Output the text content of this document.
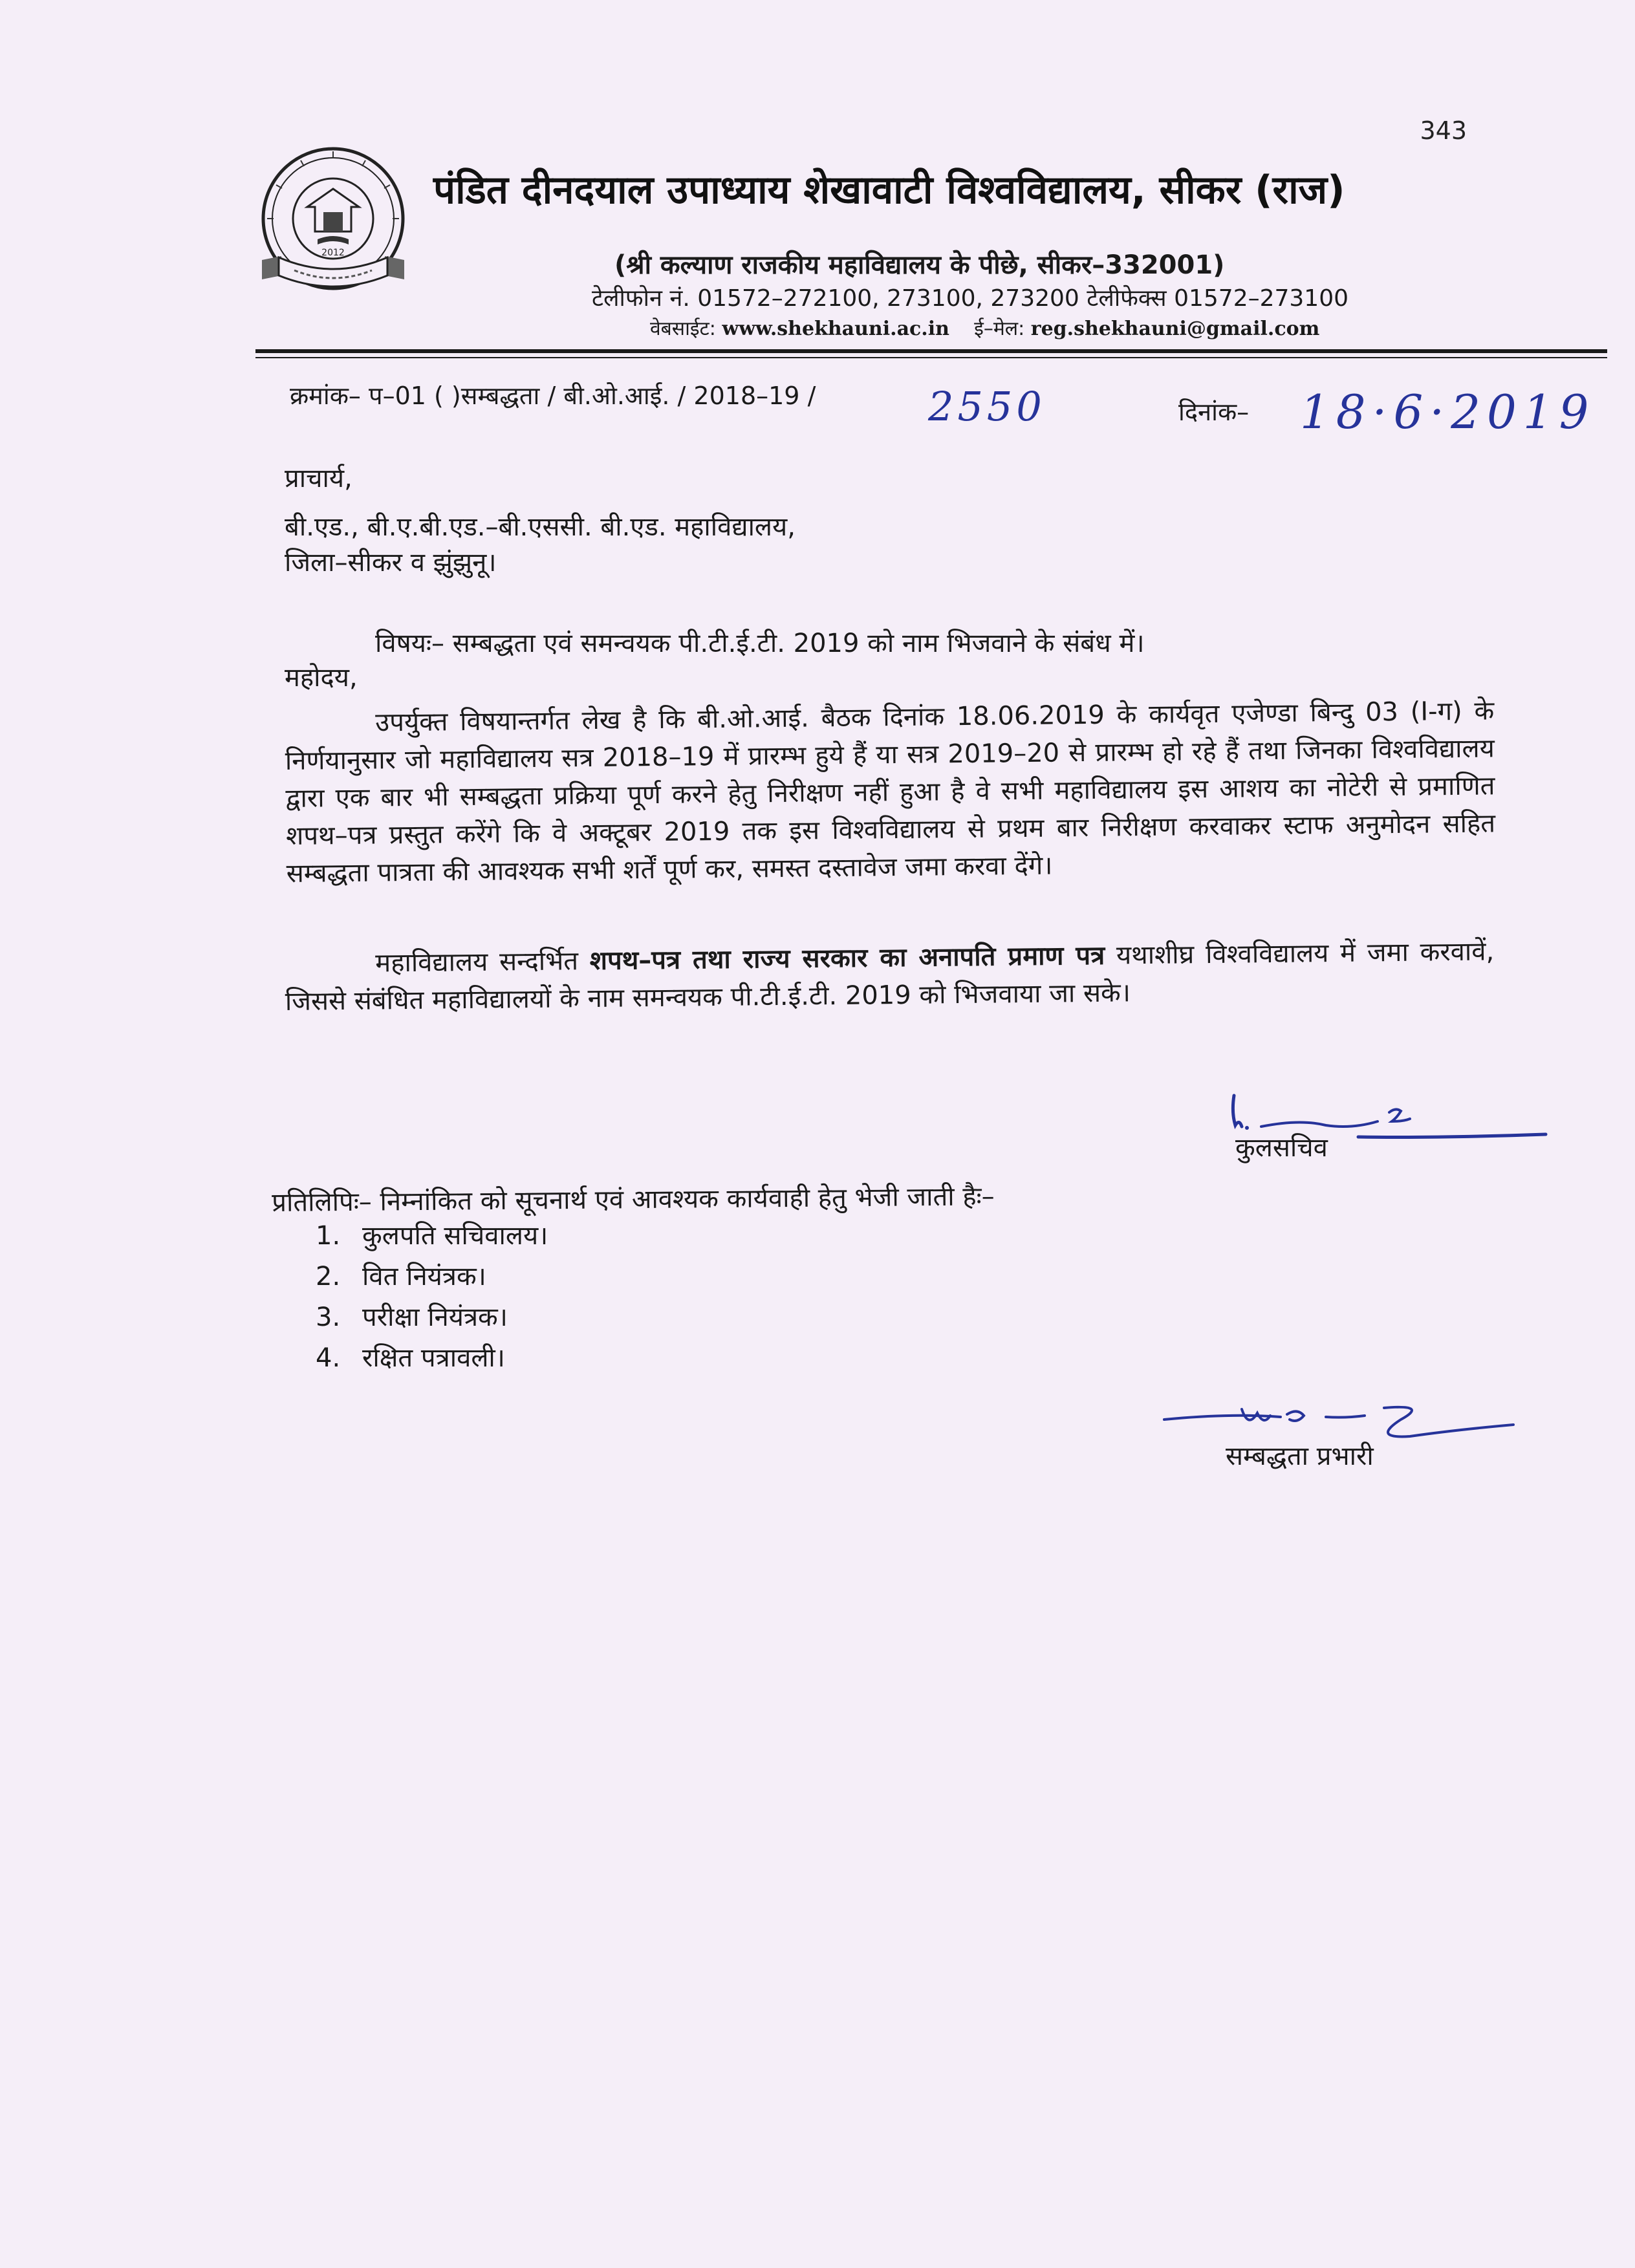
343
2012
पंडित दीनदयाल उपाध्याय शेखावाटी विश्वविद्यालय, सीकर (राज)
(श्री कल्याण राजकीय महाविद्यालय के पीछे, सीकर–332001)
टेलीफोन नं. 01572–272100, 273100, 273200 टेलीफेक्स 01572–273100
वेबसाईट: www.shekhauni.ac.in ई–मेल: reg.shekhauni@gmail.com
क्रमांक– प–01 ( )सम्बद्धता / बी.ओ.आई. / 2018–19 /	2550	दिनांक– 18·6·2019
प्राचार्य,
बी.एड., बी.ए.बी.एड.–बी.एससी. बी.एड. महाविद्यालय,
जिला–सीकर व झुंझुनू।
विषयः– सम्बद्धता एवं समन्वयक पी.टी.ई.टी. 2019 को नाम भिजवाने के संबंध में।
महोदय,
उपर्युक्त विषयान्तर्गत लेख है कि बी.ओ.आई. बैठक दिनांक 18.06.2019 के कार्यवृत एजेण्डा बिन्दु 03 (I-ग) के निर्णयानुसार जो महाविद्यालय सत्र 2018–19 में प्रारम्भ हुये हैं या सत्र 2019–20 से प्रारम्भ हो रहे हैं तथा जिनका विश्वविद्यालय द्वारा एक बार भी सम्बद्धता प्रक्रिया पूर्ण करने हेतु निरीक्षण नहीं हुआ है वे सभी महाविद्यालय इस आशय का नोटेरी से प्रमाणित शपथ–पत्र प्रस्तुत करेंगे कि वे अक्टूबर 2019 तक इस विश्वविद्यालय से प्रथम बार निरीक्षण करवाकर स्टाफ अनुमोदन सहित सम्बद्धता पात्रता की आवश्यक सभी शर्तें पूर्ण कर, समस्त दस्तावेज जमा करवा देंगे।
महाविद्यालय सन्दर्भित शपथ–पत्र तथा राज्य सरकार का अनापति प्रमाण पत्र यथाशीघ्र विश्वविद्यालय में जमा करवावें, जिससे संबंधित महाविद्यालयों के नाम समन्वयक पी.टी.ई.टी. 2019 को भिजवाया जा सके।
कुलसचिव
प्रतिलिपिः– निम्नांकित को सूचनार्थ एवं आवश्यक कार्यवाही हेतु भेजी जाती हैः–
1. कुलपति सचिवालय।
2. वित नियंत्रक।
3. परीक्षा नियंत्रक।
4. रक्षित पत्रावली।
सम्बद्धता प्रभारी
